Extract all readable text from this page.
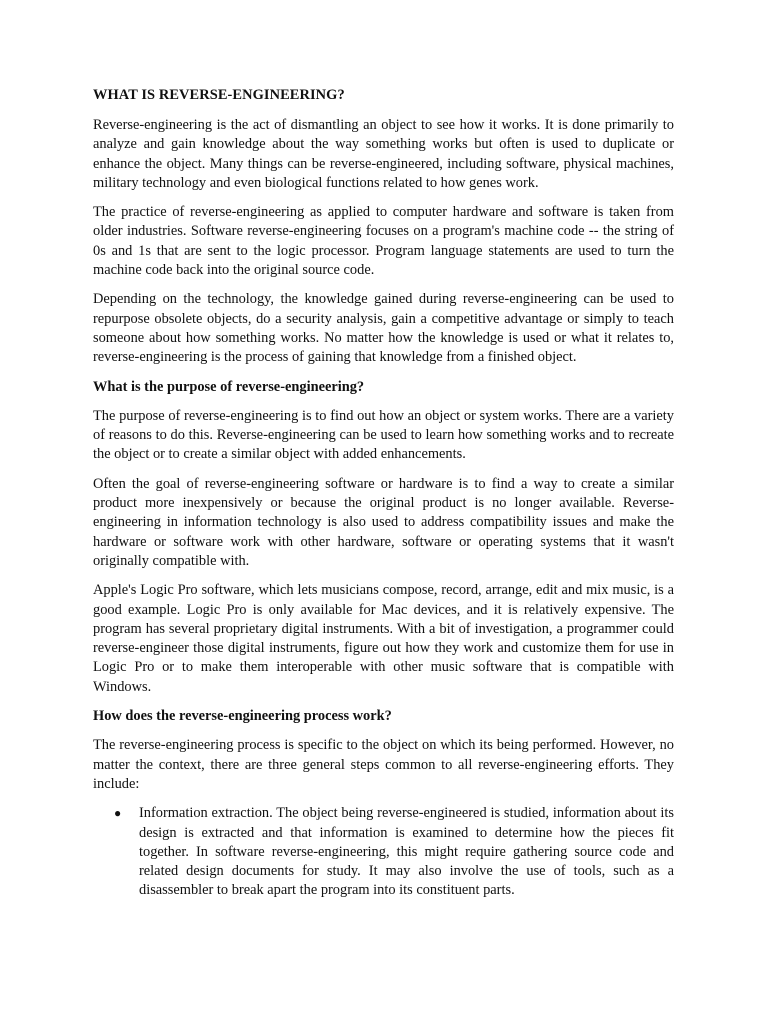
WHAT IS REVERSE-ENGINEERING?

Reverse-engineering is the act of dismantling an object to see how it works. It is done primarily to analyze and gain knowledge about the way something works but often is used to duplicate or enhance the object. Many things can be reverse-engineered, including software, physical machines, military technology and even biological functions related to how genes work.

The practice of reverse-engineering as applied to computer hardware and software is taken from older industries. Software reverse-engineering focuses on a program's machine code -- the string of 0s and 1s that are sent to the logic processor. Program language statements are used to turn the machine code back into the original source code.

Depending on the technology, the knowledge gained during reverse-engineering can be used to repurpose obsolete objects, do a security analysis, gain a competitive advantage or simply to teach someone about how something works. No matter how the knowledge is used or what it relates to, reverse-engineering is the process of gaining that knowledge from a finished object.

What is the purpose of reverse-engineering?

The purpose of reverse-engineering is to find out how an object or system works. There are a variety of reasons to do this. Reverse-engineering can be used to learn how something works and to recreate the object or to create a similar object with added enhancements.

Often the goal of reverse-engineering software or hardware is to find a way to create a similar product more inexpensively or because the original product is no longer available. Reverse-engineering in information technology is also used to address compatibility issues and make the hardware or software work with other hardware, software or operating systems that it wasn't originally compatible with.

Apple's Logic Pro software, which lets musicians compose, record, arrange, edit and mix music, is a good example. Logic Pro is only available for Mac devices, and it is relatively expensive. The program has several proprietary digital instruments. With a bit of investigation, a programmer could reverse-engineer those digital instruments, figure out how they work and customize them for use in Logic Pro or to make them interoperable with other music software that is compatible with Windows.

How does the reverse-engineering process work?

The reverse-engineering process is specific to the object on which its being performed. However, no matter the context, there are three general steps common to all reverse-engineering efforts. They include:

● Information extraction. The object being reverse-engineered is studied, information about its design is extracted and that information is examined to determine how the pieces fit together. In software reverse-engineering, this might require gathering source code and related design documents for study. It may also involve the use of tools, such as a disassembler to break apart the program into its constituent parts.
